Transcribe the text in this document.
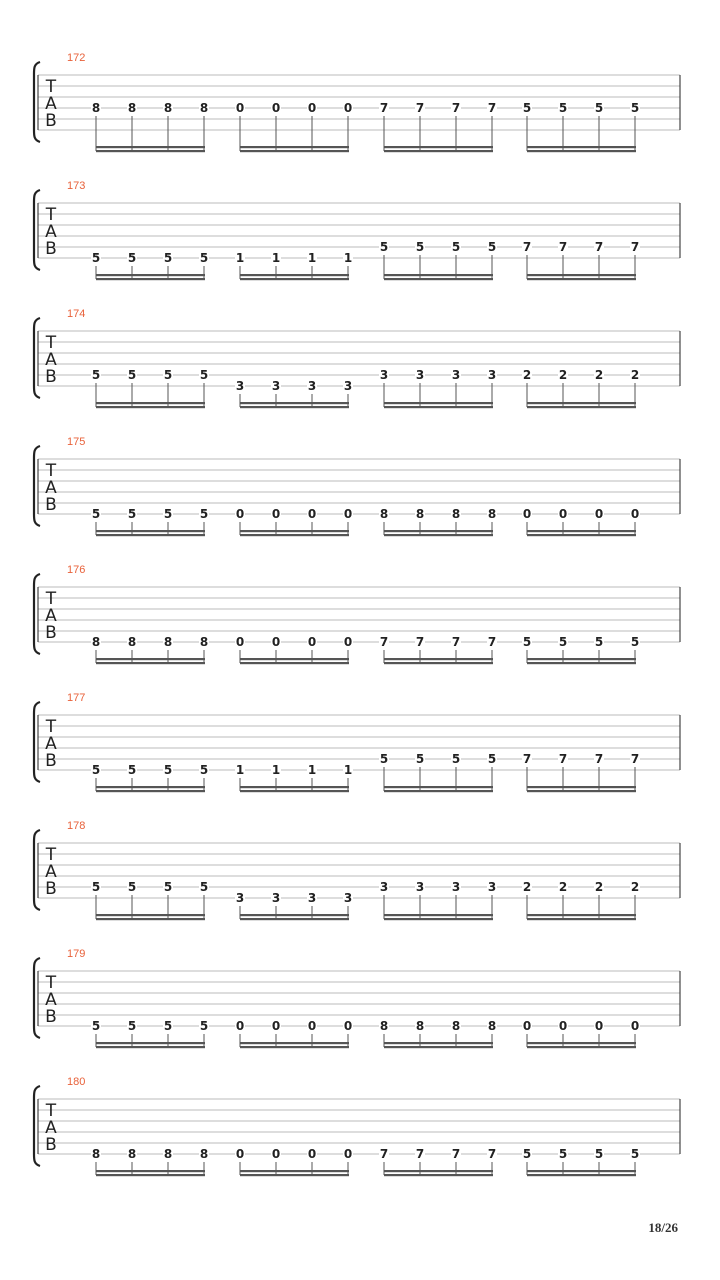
172
T
A
B
8 8 8 8 0 0 0 0 7 7 7 7 5 5 5 5
173
T
A
B	5 5 5 5 1 1 1 1
5 5 5 5 7 7 7 7
174
T
A
B	5 5 5 5
3 3 3 3
3 3 3 3 2 2 2 2
175
T
A
B	5 5 5 5 0 0 0 0 8 8 8 8 0 0 0 0
176
T
A
B	8 8 8 8 0 0 0 0 7 7 7 7 5 5 5 5
177
T
A
B	5 5 5 5 1 1 1 1
5 5 5 5 7 7 7 7
178
T
A
B	5 5 5 5
3 3 3 3
3 3 3 3 2 2 2 2
179
T
A
B	5 5 5 5 0 0 0 0 8 8 8 8 0 0 0 0
180
T
A
B	8 8 8 8 0 0 0 0 7 7 7 7 5 5 5 5
18/26
